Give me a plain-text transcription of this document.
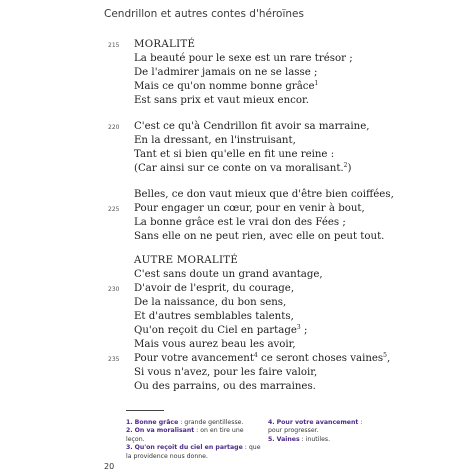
Cendrillon et autres contes d'héroïnes
215 MORALITÉ
La beauté pour le sexe est un rare trésor ;
De l'admirer jamais on ne se lasse ;
Mais ce qu'on nomme bonne grâce$^1$
Est sans prix et vaut mieux encor.
220 C'est ce qu'à Cendrillon fit avoir sa marraine,
En la dressant, en l'instruisant,
Tant et si bien qu'elle en fit une reine :
(Car ainsi sur ce conte on va moralisant.$^2$)
Belles, ce don vaut mieux que d'être bien coiffées,
225 Pour engager un cœur, pour en venir à bout,
La bonne grâce est le vrai don des Fées ;
Sans elle on ne peut rien, avec elle on peut tout.
AUTRE MORALITÉ
C'est sans doute un grand avantage,
230 D'avoir de l'esprit, du courage,
De la naissance, du bon sens,
Et d'autres semblables talents,
Qu'on reçoit du Ciel en partage$^3$ ;
Mais vous aurez beau les avoir,
235 Pour votre avancement$^4$ ce seront choses vaines$^5$,
Si vous n'avez, pour les faire valoir,
Ou des parrains, ou des marraines.
1. Bonne grâce : grande gentillesse.
2. On va moralisant : on en tire une leçon.
3. Qu'on reçoit du ciel en partage : que la providence nous donne.
4. Pour votre avancement : pour progresser.
5. Vaines : inutiles.
20
